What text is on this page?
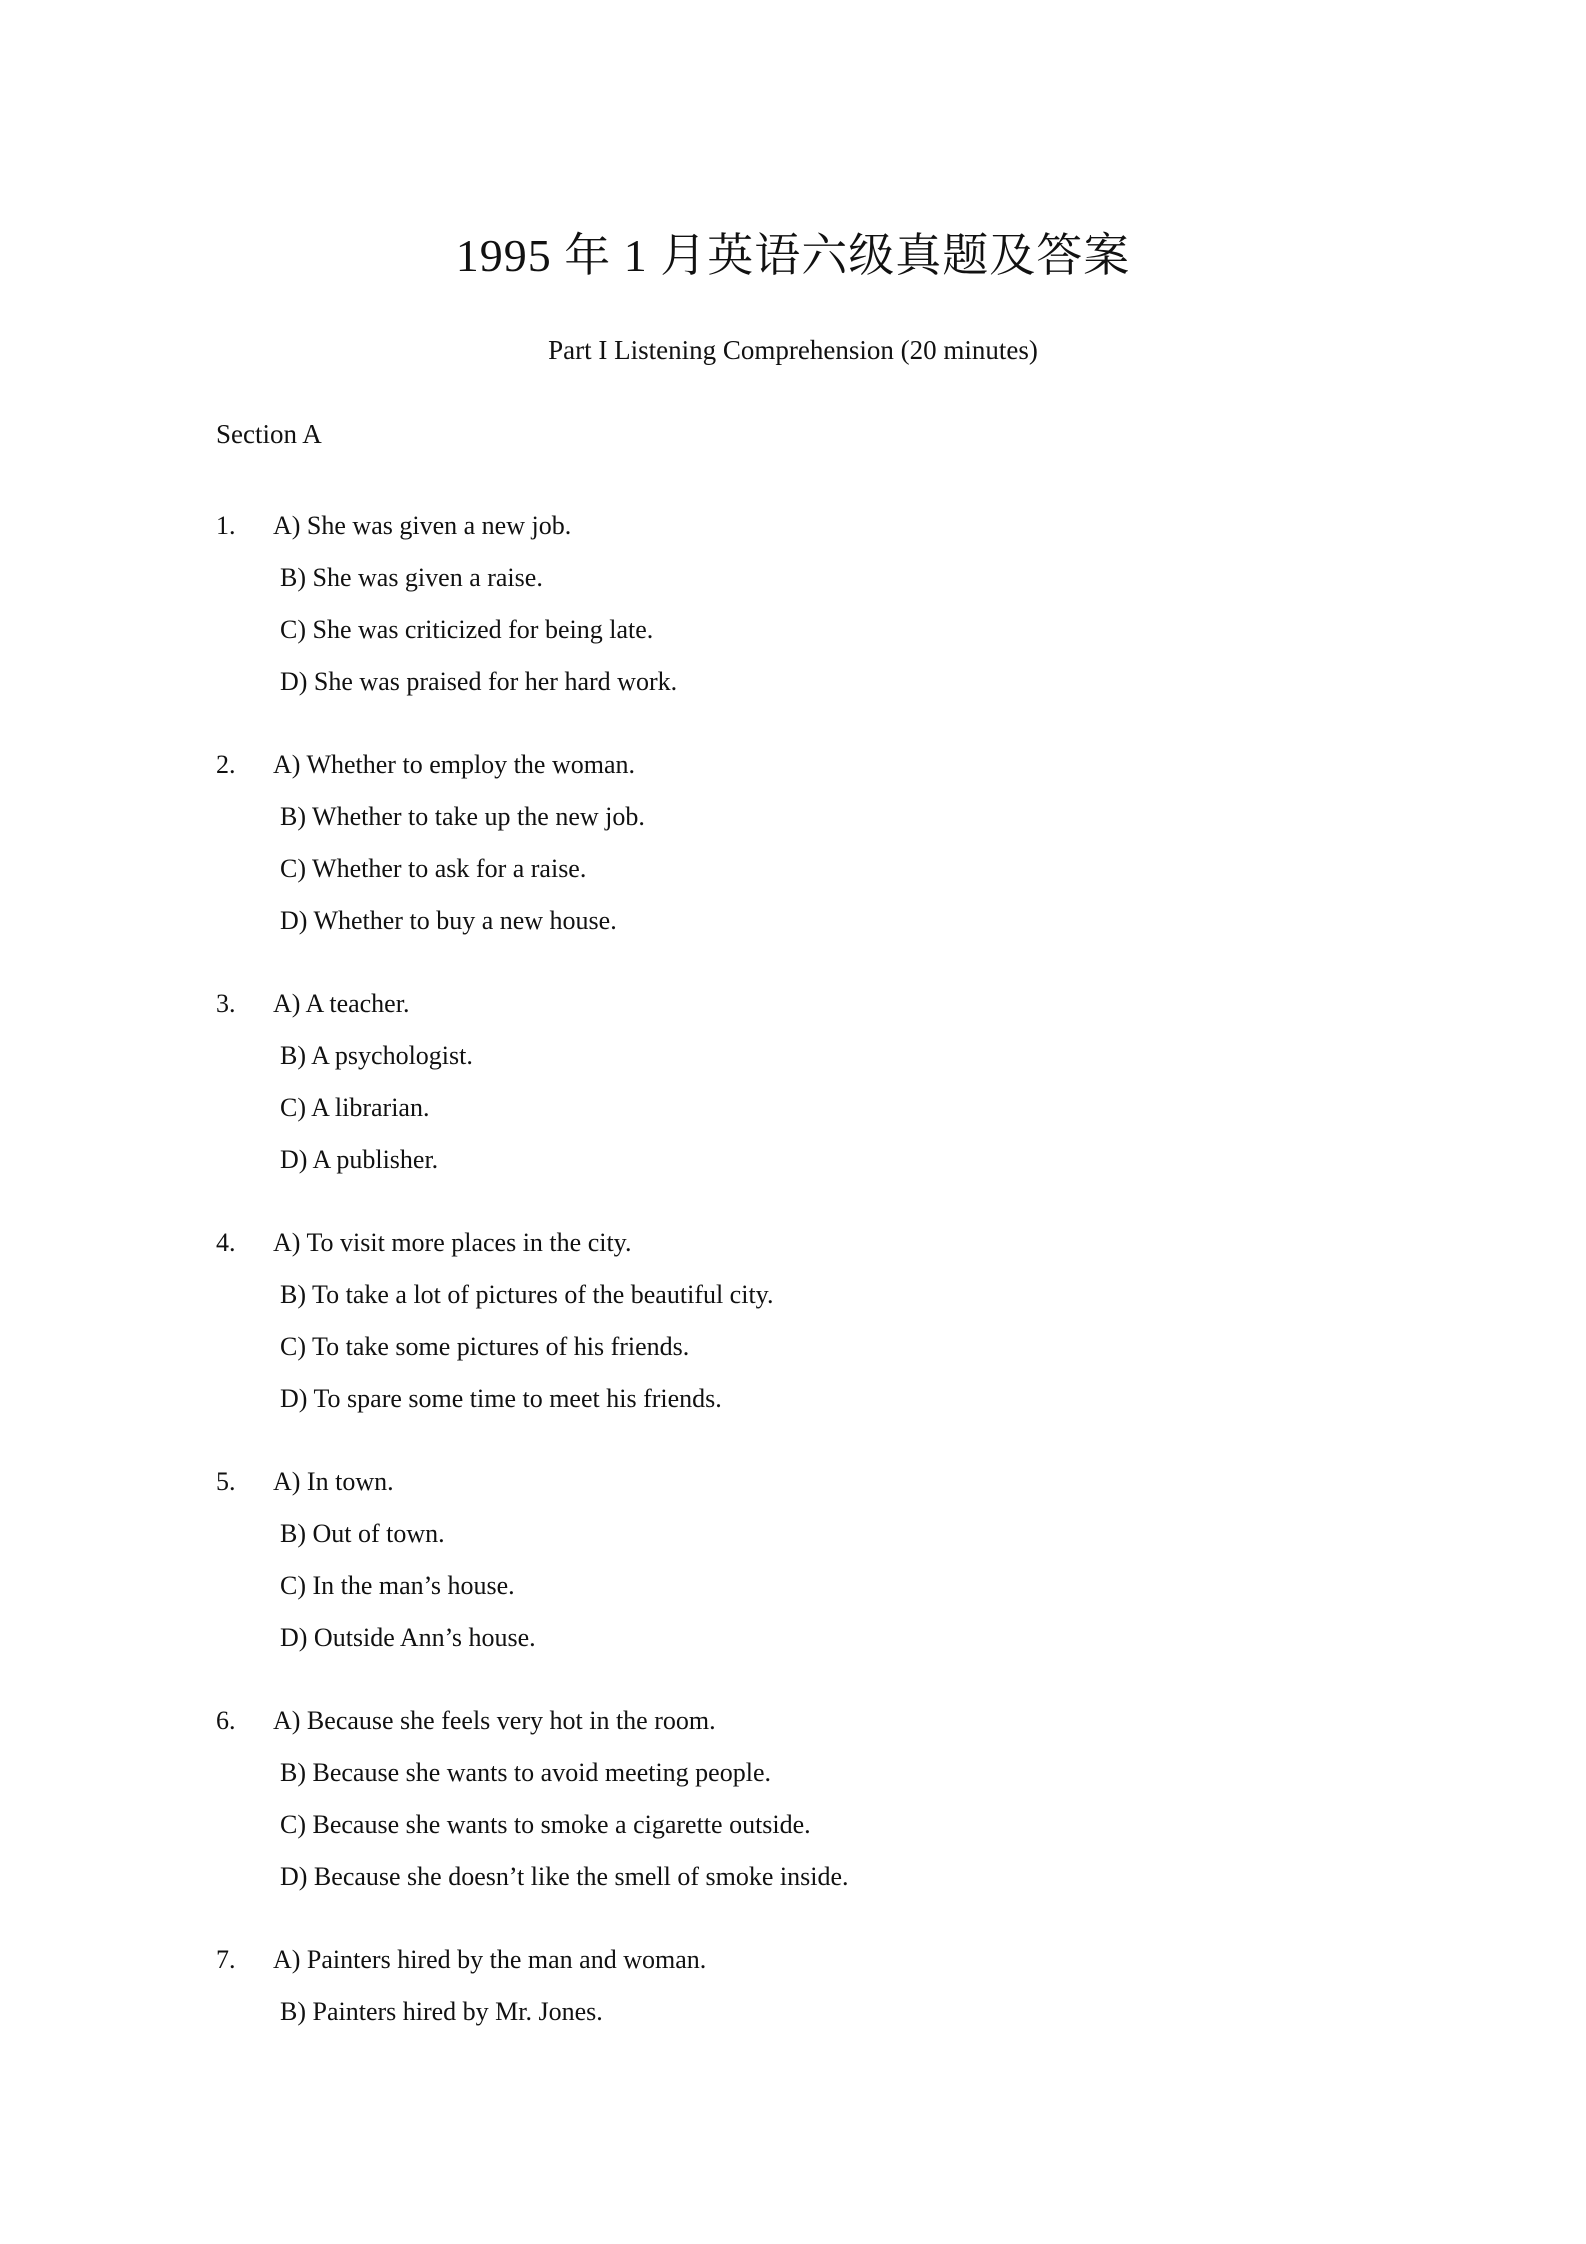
1995 年 1 月英语六级真题及答案
Part I Listening Comprehension (20 minutes)
Section A
1. A) She was given a new job.
B) She was given a raise.
C) She was criticized for being late.
D) She was praised for her hard work.
2. A) Whether to employ the woman.
B) Whether to take up the new job.
C) Whether to ask for a raise.
D) Whether to buy a new house.
3. A) A teacher.
B) A psychologist.
C) A librarian.
D) A publisher.
4. A) To visit more places in the city.
B) To take a lot of pictures of the beautiful city.
C) To take some pictures of his friends.
D) To spare some time to meet his friends.
5. A) In town.
B) Out of town.
C) In the man’s house.
D) Outside Ann’s house.
6. A) Because she feels very hot in the room.
B) Because she wants to avoid meeting people.
C) Because she wants to smoke a cigarette outside.
D) Because she doesn’t like the smell of smoke inside.
7. A) Painters hired by the man and woman.
B) Painters hired by Mr. Jones.
